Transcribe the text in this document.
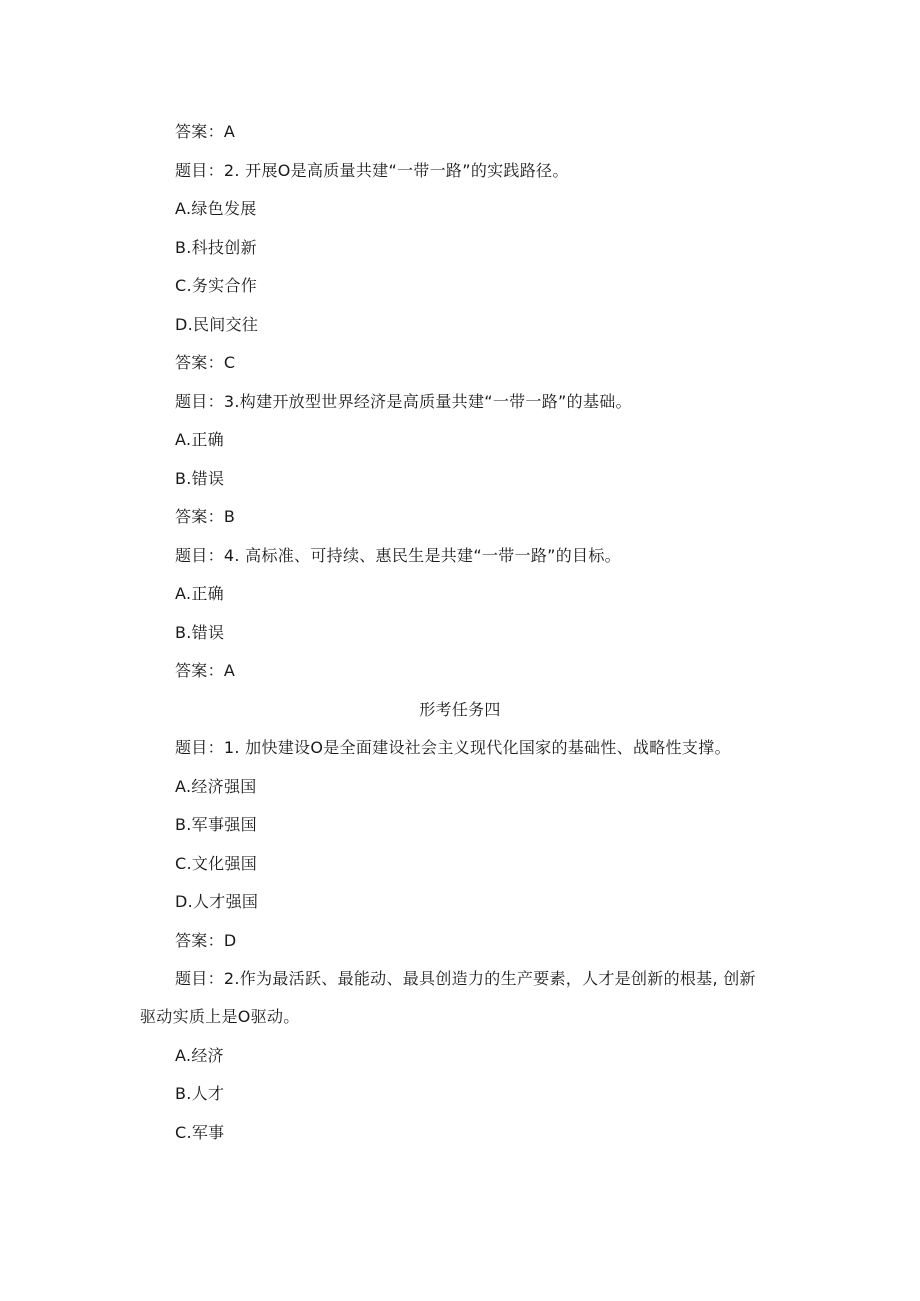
答案：A
题目：2. 开展O是高质量共建“一带一路”的实践路径。
A.绿色发展
B.科技创新
C.务实合作
D.民间交往
答案：C
题目：3.构建开放型世界经济是高质量共建“一带一路”的基础。
A.正确
B.错误
答案：B
题目：4. 高标准、可持续、惠民生是共建“一带一路”的目标。
A.正确
B.错误
答案：A
形考任务四
题目：1. 加快建设O是全面建设社会主义现代化国家的基础性、战略性支撑。
A.经济强国
B.军事强国
C.文化强国
D.人才强国
答案：D
题目：2.作为最活跃、最能动、最具创造力的生产要素，人才是创新的根基, 创新
驱动实质上是O驱动。
A.经济
B.人才
C.军事
